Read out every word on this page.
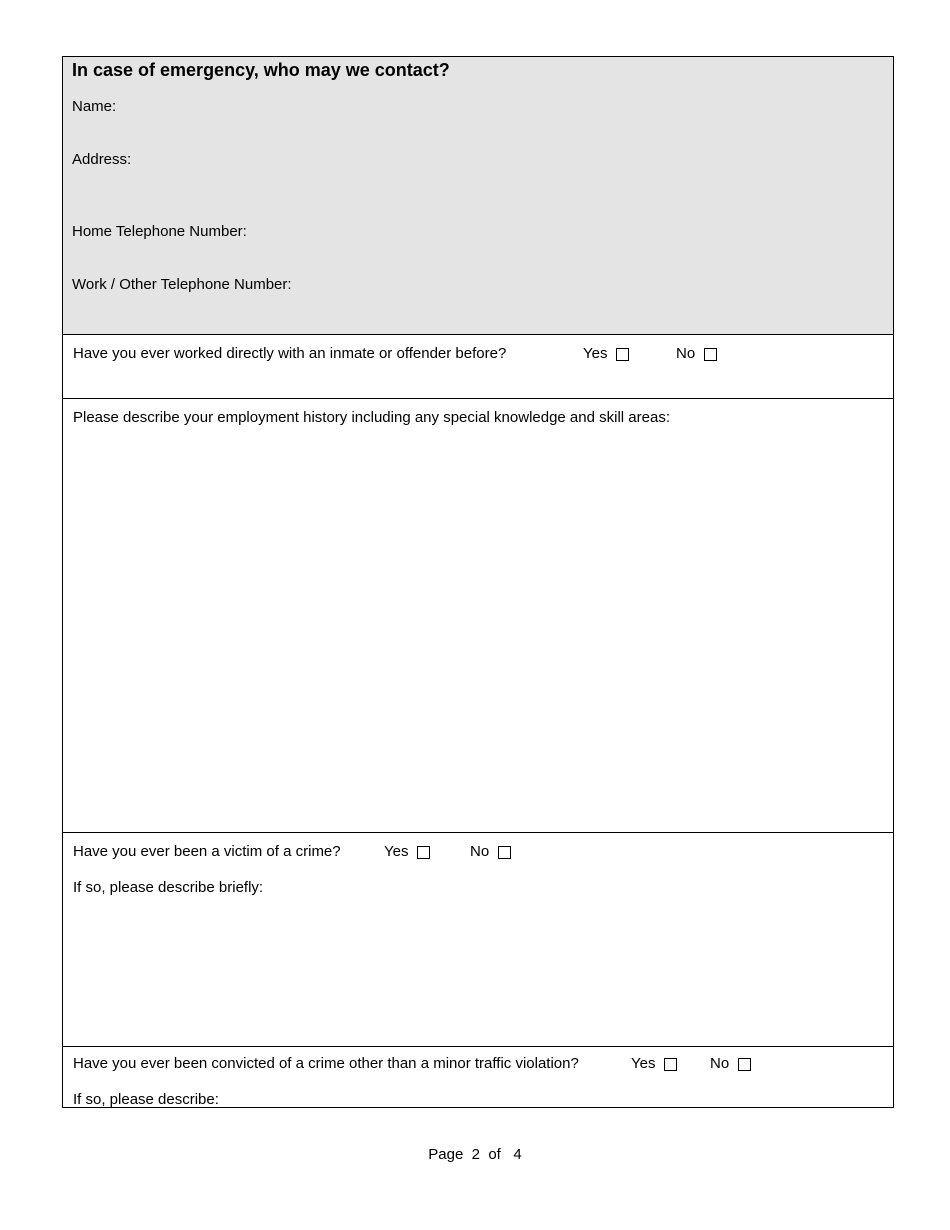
In case of emergency, who may we contact?
Name:
Address:
Home Telephone Number:
Work / Other Telephone Number:
Have you ever worked directly with an inmate or offender before?	Yes	No
Please describe your employment history including any special knowledge and skill areas:
Have you ever been a victim of a crime?	Yes	No
If so, please describe briefly:
Have you ever been convicted of a crime other than a minor traffic violation?	Yes	No
If so, please describe:
Page 2 of 4
